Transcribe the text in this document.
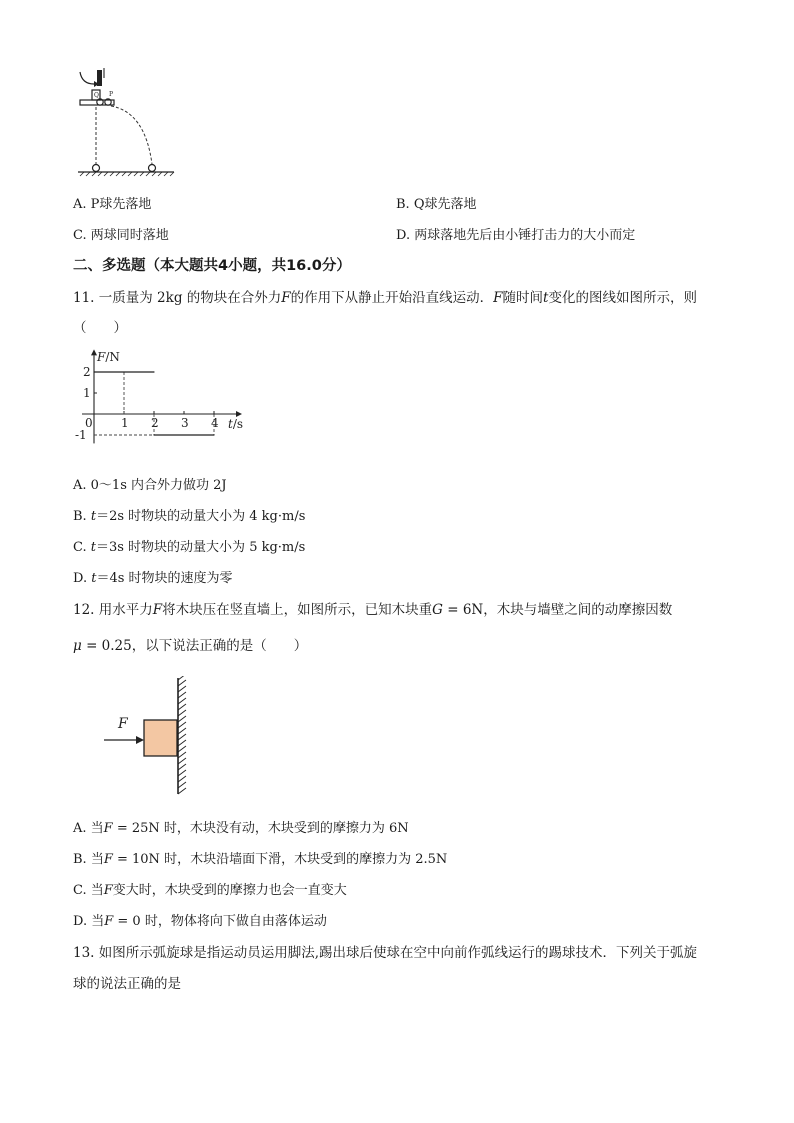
Q P
A. P球先落地	B. Q球先落地
C. 两球同时落地	D. 两球落地先后由小锤打击力的大小而定
二、多选题（本大题共4小题，共16.0分）
11. 一质量为 2kg 的物块在合外力F的作用下从静止开始沿直线运动．F随时间t变化的图线如图所示，则
（　　）
0 1 2 3 4
2
1
-1
F/N
t/s
A. 0～1s 内合外力做功 2J
B. t＝2s 时物块的动量大小为 4 kg·m/s
C. t＝3s 时物块的动量大小为 5 kg·m/s
D. t＝4s 时物块的速度为零
12. 用水平力F将木块压在竖直墙上，如图所示，已知木块重G = 6N，木块与墙壁之间的动摩擦因数
μ = 0.25，以下说法正确的是（　　）
F
A. 当F = 25N 时，木块没有动，木块受到的摩擦力为 6N
B. 当F = 10N 时，木块沿墙面下滑，木块受到的摩擦力为 2.5N
C. 当F变大时，木块受到的摩擦力也会一直变大
D. 当F = 0 时，物体将向下做自由落体运动
13. 如图所示弧旋球是指运动员运用脚法,踢出球后使球在空中向前作弧线运行的踢球技术．下列关于弧旋
球的说法正确的是
